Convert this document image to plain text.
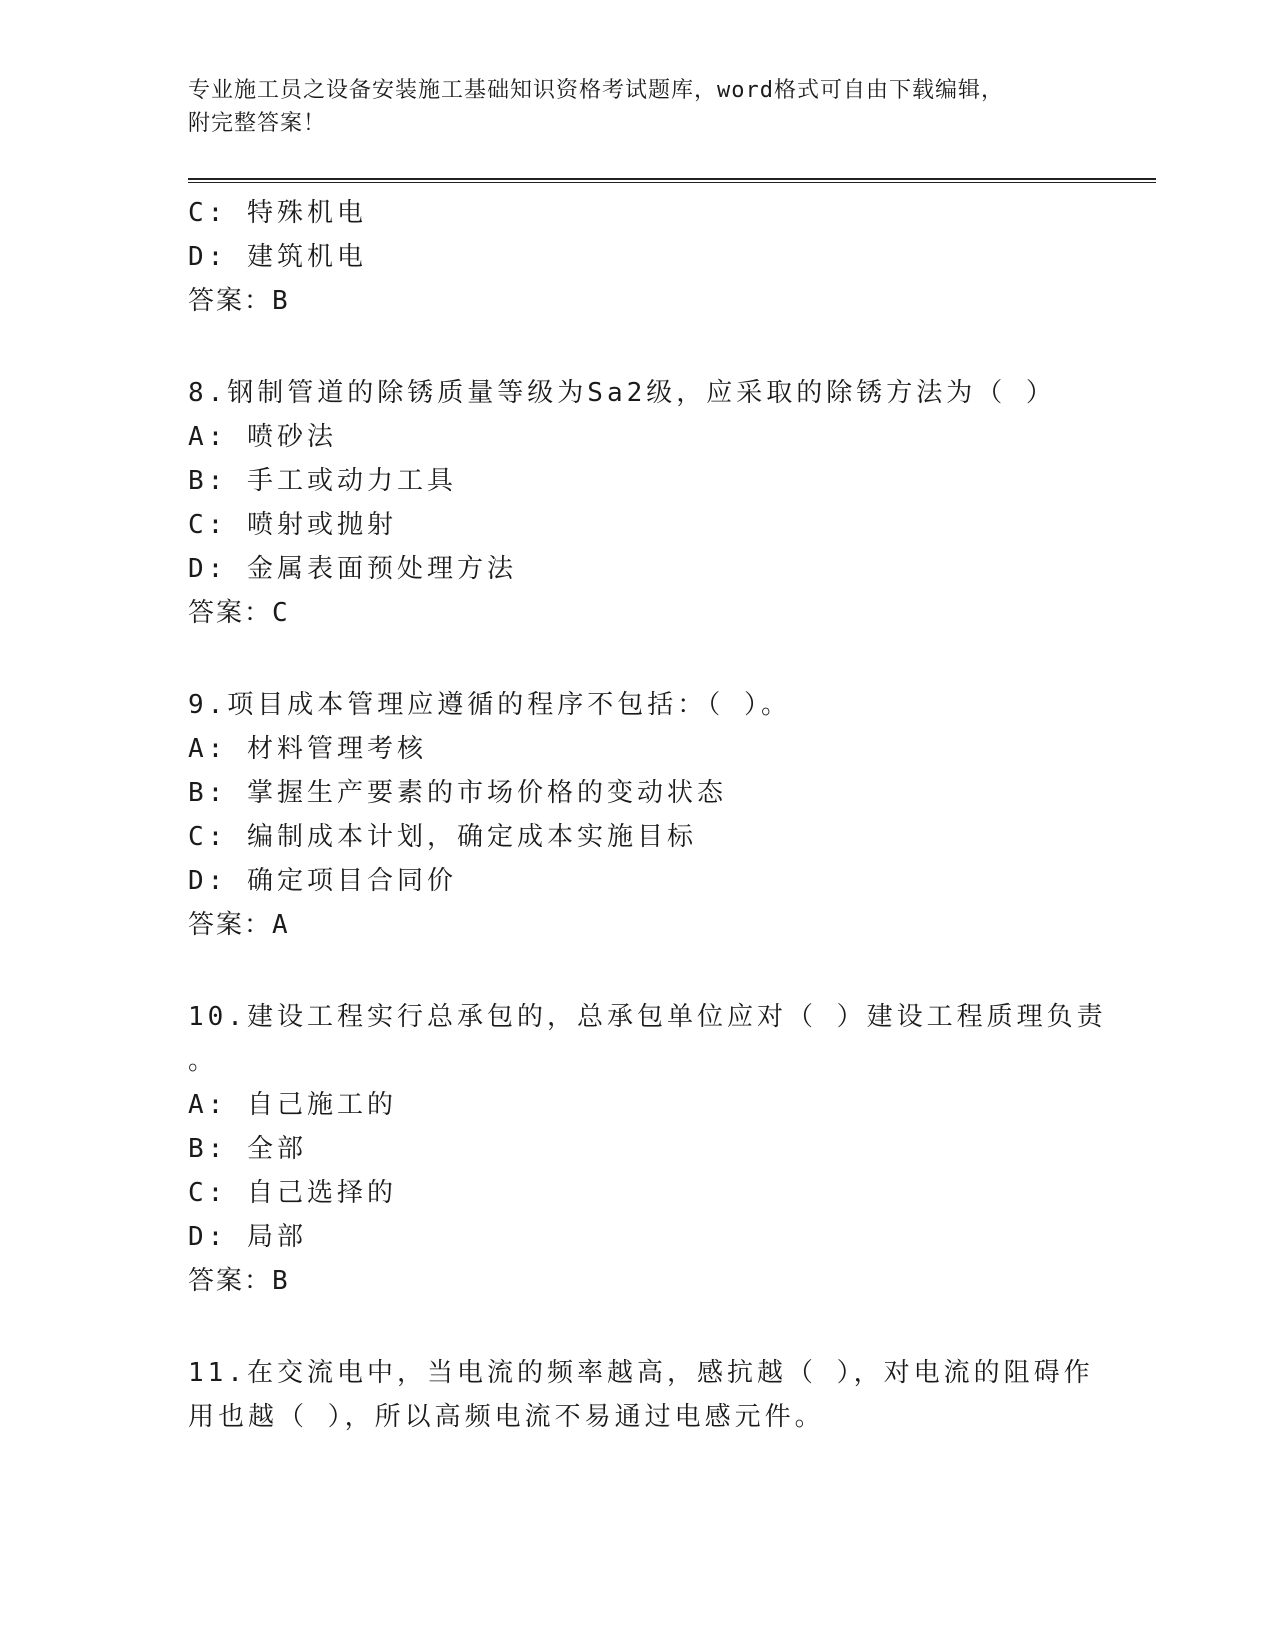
专业施工员之设备安装施工基础知识资格考试题库，word格式可自由下载编辑，
附完整答案！
C: 特殊机电
D: 建筑机电
答案：B
8.钢制管道的除锈质量等级为Sa2级，应采取的除锈方法为（ ）
A: 喷砂法
B: 手工或动力工具
C: 喷射或抛射
D: 金属表面预处理方法
答案：C
9.项目成本管理应遵循的程序不包括：（ ）。
A: 材料管理考核
B: 掌握生产要素的市场价格的变动状态
C: 编制成本计划，确定成本实施目标
D: 确定项目合同价
答案：A
10.建设工程实行总承包的，总承包单位应对（ ）建设工程质理负责
。
A: 自己施工的
B: 全部
C: 自己选择的
D: 局部
答案：B
11.在交流电中，当电流的频率越高，感抗越（ ），对电流的阻碍作
用也越（ ），所以高频电流不易通过电感元件。
